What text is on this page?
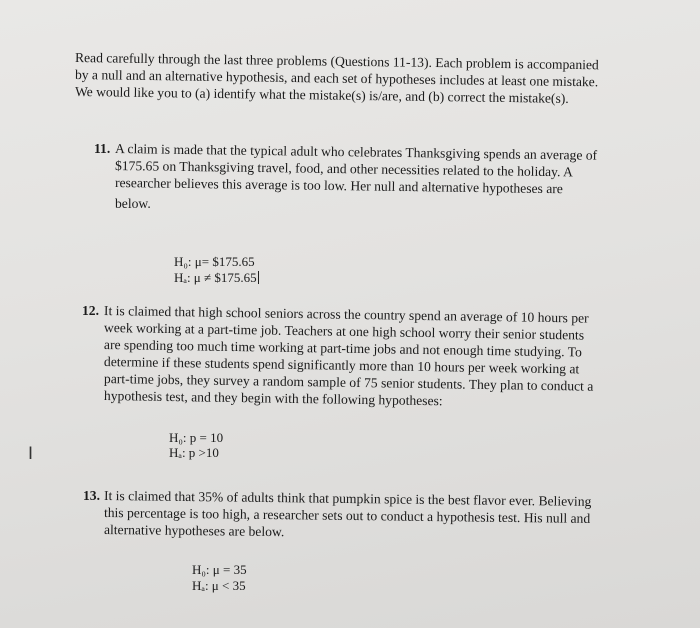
Read carefully through the last three problems (Questions 11-13). Each problem is accompanied
by a null and an alternative hypothesis, and each set of hypotheses includes at least one mistake.
We would like you to (a) identify what the mistake(s) is/are, and (b) correct the mistake(s).
11. A claim is made that the typical adult who celebrates Thanksgiving spends an average of
$175.65 on Thanksgiving travel, food, and other necessities related to the holiday. A
researcher believes this average is too low. Her null and alternative hypotheses are
below.
H₀: μ= $175.65
Hₐ: μ ≠ $175.65
12. It is claimed that high school seniors across the country spend an average of 10 hours per
week working at a part-time job. Teachers at one high school worry their senior students
are spending too much time working at part-time jobs and not enough time studying. To
determine if these students spend significantly more than 10 hours per week working at
part-time jobs, they survey a random sample of 75 senior students. They plan to conduct a
hypothesis test, and they begin with the following hypotheses:
H₀: p = 10
Hₐ: p >10
I
13. It is claimed that 35% of adults think that pumpkin spice is the best flavor ever. Believing
this percentage is too high, a researcher sets out to conduct a hypothesis test. His null and
alternative hypotheses are below.
H₀: μ = 35
Hₐ: μ < 35
